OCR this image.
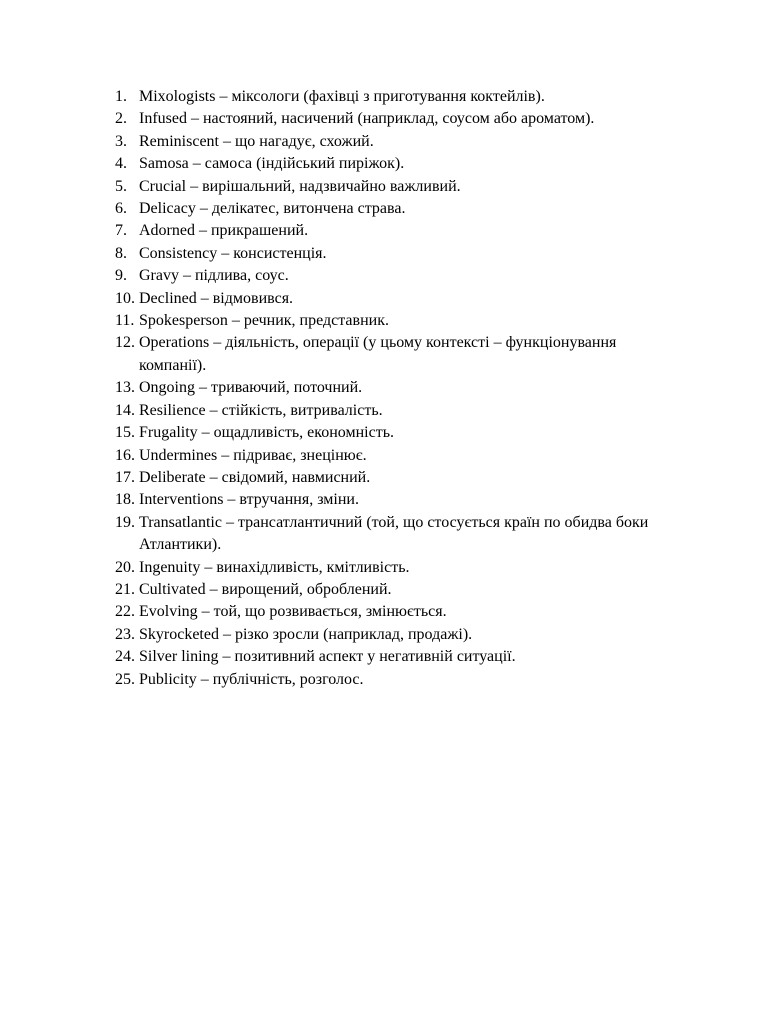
1. Mixologists – міксологи (фахівці з приготування коктейлів).
2. Infused – настояний, насичений (наприклад, соусом або ароматом).
3. Reminiscent – що нагадує, схожий.
4. Samosa – самоса (індійський пиріжок).
5. Crucial – вирішальний, надзвичайно важливий.
6. Delicacy – делікатес, витончена страва.
7. Adorned – прикрашений.
8. Consistency – консистенція.
9. Gravy – підлива, соус.
10. Declined – відмовився.
11. Spokesperson – речник, представник.
12. Operations – діяльність, операції (у цьому контексті – функціонування компанії).
13. Ongoing – триваючий, поточний.
14. Resilience – стійкість, витривалість.
15. Frugality – ощадливість, економність.
16. Undermines – підриває, знецінює.
17. Deliberate – свідомий, навмисний.
18. Interventions – втручання, зміни.
19. Transatlantic – трансатлантичний (той, що стосується країн по обидва боки Атлантики).
20. Ingenuity – винахідливість, кмітливість.
21. Cultivated – вирощений, оброблений.
22. Evolving – той, що розвивається, змінюється.
23. Skyrocketed – різко зросли (наприклад, продажі).
24. Silver lining – позитивний аспект у негативній ситуації.
25. Publicity – публічність, розголос.
